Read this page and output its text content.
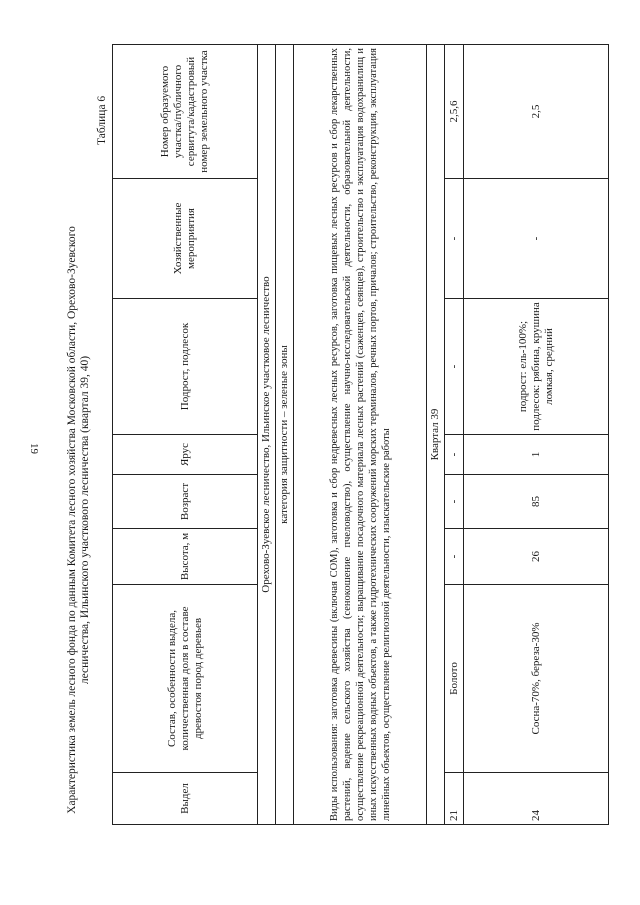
19 Характеристика земель лесного фонда по данным Комитета лесного хозяйства Московской области, Орехово-Зуевского лесничества, Ильинского участкового лесничества (квартал 39, 40)
Таблица 6
Выдел	Состав, особенности выдела, количественная доля в составе древостоя пород деревьев	Высота, м	Возраст	Ярус	Подрост, подлесок	Хозяйственные мероприятия	Номер образуемого участка/публичного сервитута/кадастровый номер земельного участка
Орехово-Зуевское лесничество, Ильинское участковое лесничество							
категория защитности – зеленые зоны							
Виды использования: заготовка древесины (включая СОМ), заготовка и сбор недревесных лесных ресурсов, заготовка пищевых лесных ресурсов и сбор лекарственных растений, ведение сельского хозяйства (сенокошение пчеловодство), осуществление научно-исследовательской деятельности, образовательной деятельности, осуществление рекреационной деятельности; выращивание посадочного материала лесных растений (саженцев, сеянцев), строительство и эксплуатация водохранилищ и иных искусственных водных объектов, а также гидротехнических сооружений морских терминалов, речных портов, причалов; строительство, реконструкция, эксплуатация линейных объектов, осуществление религиозной деятельности, изыскательские работы							
Квартал 39							
21	Болото	-	-	-	-	-	2,5,6
24	Сосна-70%, береза-30%	26	85	1	подрост: ель-100%; подлесок: рябина, крушина ломкая, средний	-	2,5
